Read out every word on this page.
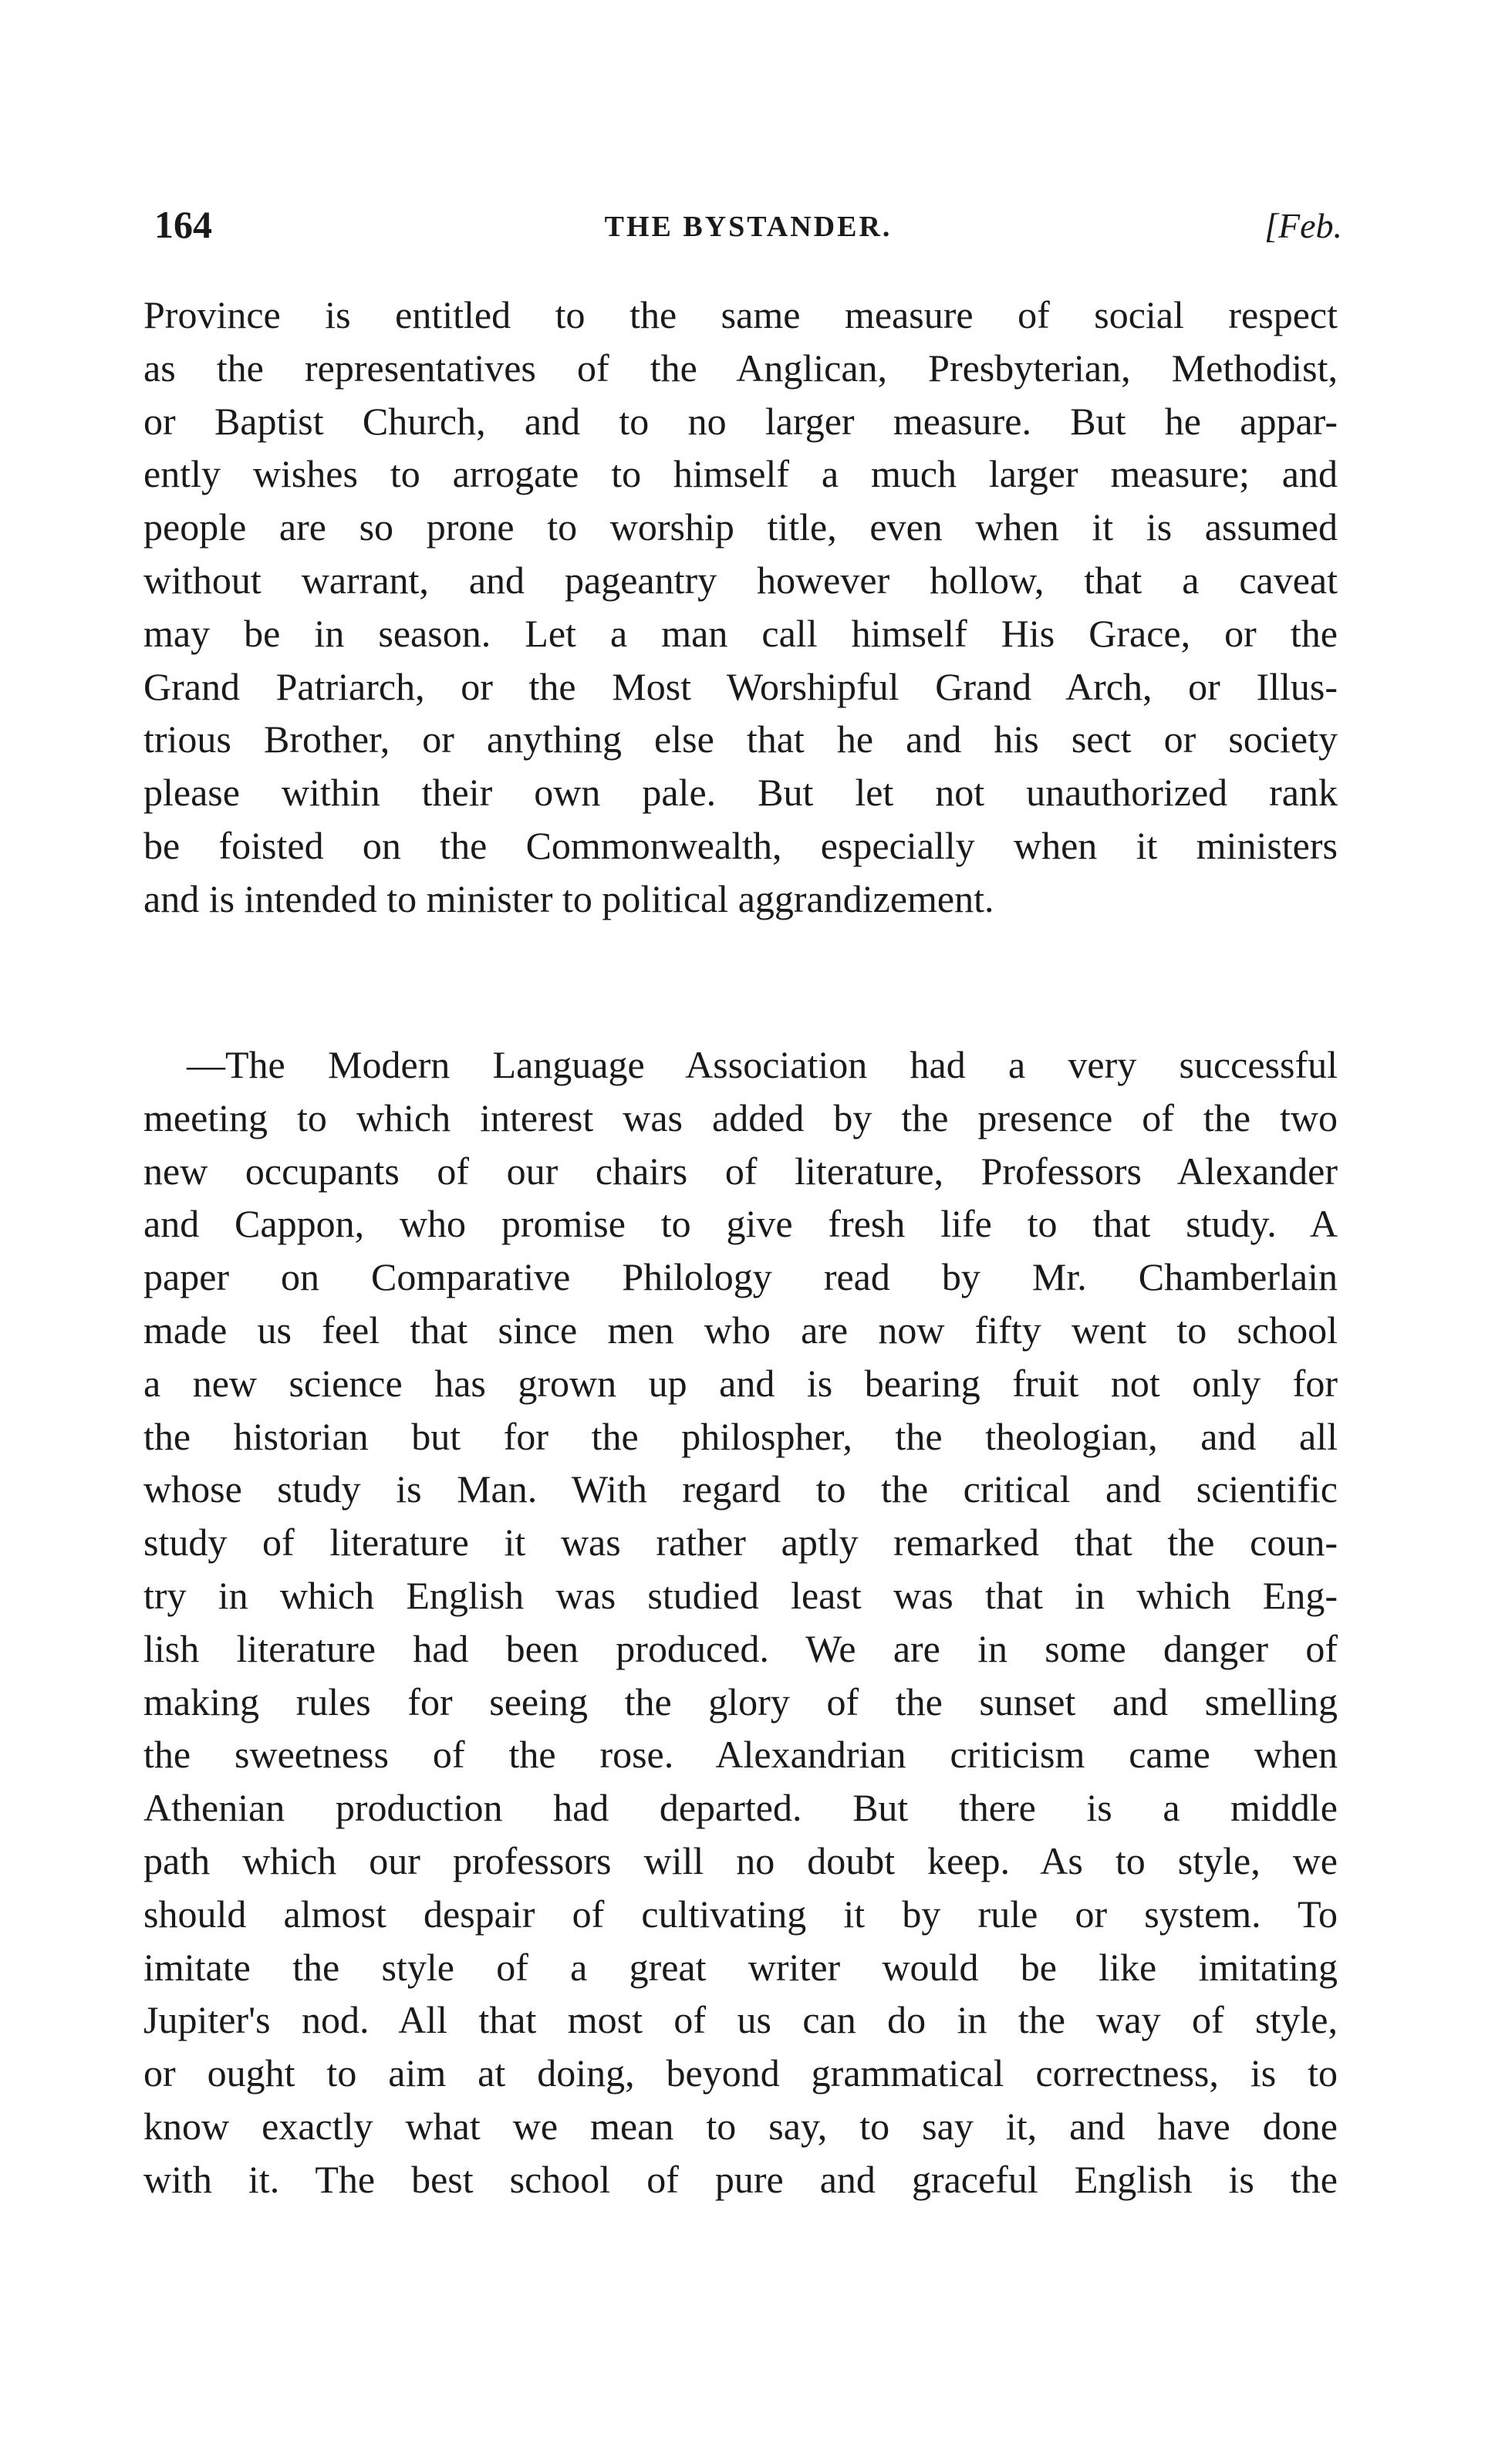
164	THE BYSTANDER.	[Feb.
Province is entitled to the same measure of social respect
as the representatives of the Anglican, Presbyterian, Methodist,
or Baptist Church, and to no larger measure. But he appar-
ently wishes to arrogate to himself a much larger measure; and
people are so prone to worship title, even when it is assumed
without warrant, and pageantry however hollow, that a caveat
may be in season. Let a man call himself His Grace, or the
Grand Patriarch, or the Most Worshipful Grand Arch, or Illus-
trious Brother, or anything else that he and his sect or society
please within their own pale. But let not unauthorized rank
be foisted on the Commonwealth, especially when it ministers
and is intended to minister to political aggrandizement.
—The Modern Language Association had a very successful
meeting to which interest was added by the presence of the two
new occupants of our chairs of literature, Professors Alexander
and Cappon, who promise to give fresh life to that study. A
paper on Comparative Philology read by Mr. Chamberlain
made us feel that since men who are now fifty went to school
a new science has grown up and is bearing fruit not only for
the historian but for the philospher, the theologian, and all
whose study is Man. With regard to the critical and scientific
study of literature it was rather aptly remarked that the coun-
try in which English was studied least was that in which Eng-
lish literature had been produced. We are in some danger of
making rules for seeing the glory of the sunset and smelling
the sweetness of the rose. Alexandrian criticism came when
Athenian production had departed. But there is a middle
path which our professors will no doubt keep. As to style, we
should almost despair of cultivating it by rule or system. To
imitate the style of a great writer would be like imitating
Jupiter's nod. All that most of us can do in the way of style,
or ought to aim at doing, beyond grammatical correctness, is to
know exactly what we mean to say, to say it, and have done
with it. The best school of pure and graceful English is the
